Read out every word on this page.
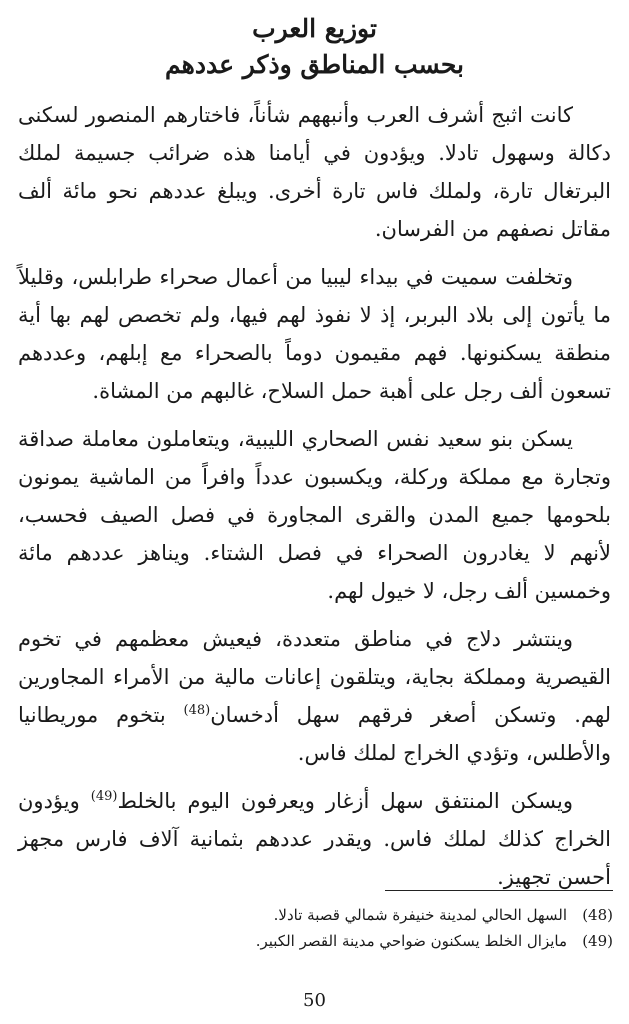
توزيع العرب
بحسب المناطق وذكر عددهم

كانت اثبج أشرف العرب وأنبههم شأناً، فاختارهم المنصور لسكنى دكالة وسهول تادلا. ويؤدون في أيامنا هذه ضرائب جسيمة لملك البرتغال تارة، ولملك فاس تارة أخرى. ويبلغ عددهم نحو مائة ألف مقاتل نصفهم من الفرسان.

وتخلفت سميت في بيداء ليبيا من أعمال صحراء طرابلس، وقليلاً ما يأتون إلى بلاد البربر، إذ لا نفوذ لهم فيها، ولم تخصص لهم بها أية منطقة يسكنونها. فهم مقيمون دوماً بالصحراء مع إبلهم، وعددهم تسعون ألف رجل على أهبة حمل السلاح، غالبهم من المشاة.

يسكن بنو سعيد نفس الصحاري الليبية، ويتعاملون معاملة صداقة وتجارة مع مملكة وركلة، ويكسبون عدداً وافراً من الماشية يمونون بلحومها جميع المدن والقرى المجاورة في فصل الصيف فحسب، لأنهم لا يغادرون الصحراء في فصل الشتاء. ويناهز عددهم مائة وخمسين ألف رجل، لا خيول لهم.

وينتشر دلاج في مناطق متعددة، فيعيش معظمهم في تخوم القيصرية ومملكة بجاية، ويتلقون إعانات مالية من الأمراء المجاورين لهم. وتسكن أصغر فرقهم سهل أدخسان$^{(48)}$ بتخوم موريطانيا والأطلس، وتؤدي الخراج لملك فاس.

ويسكن المنتفق سهل أزغار ويعرفون اليوم بالخلط$^{(49)}$ ويؤدون الخراج كذلك لملك فاس. ويقدر عددهم بثمانية آلاف فارس مجهز أحسن تجهيز.

(48)السهل الحالي لمدينة خنيفرة شمالي قصبة تادلا.
(49)مايزال الخلط يسكنون ضواحي مدينة القصر الكبير.
50
